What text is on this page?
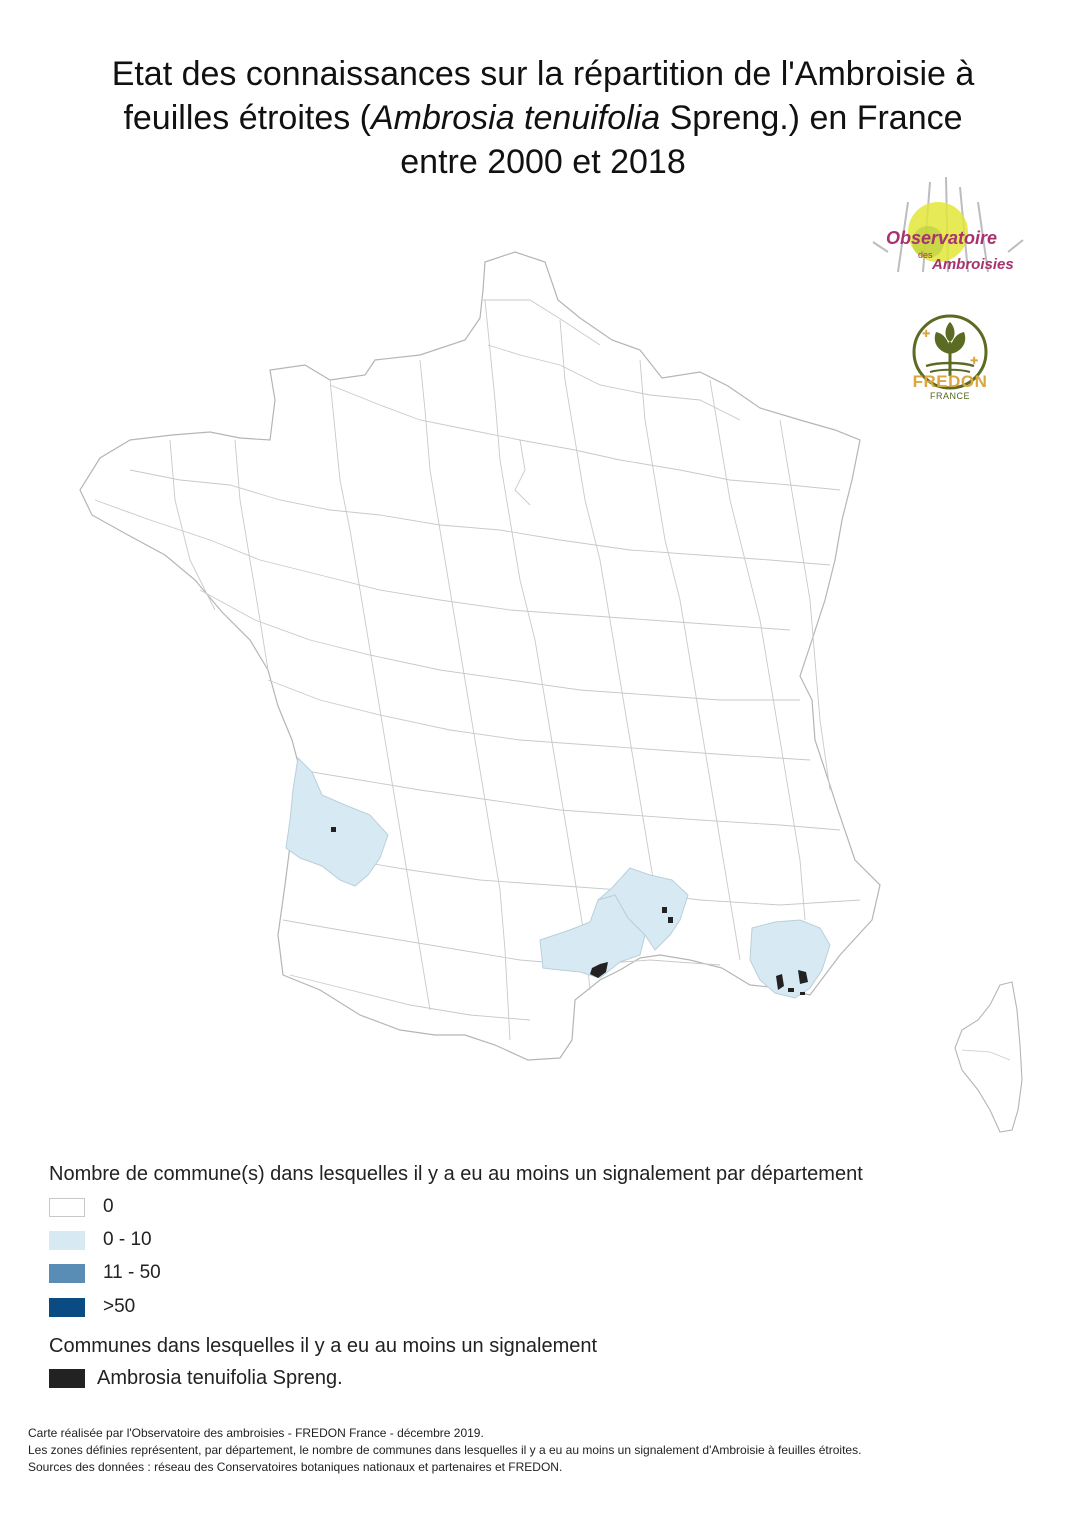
Etat des connaissances sur la répartition de l'Ambroisie à
feuilles étroites (Ambrosia tenuifolia Spreng.) en France
entre 2000 et 2018
Observatoire
des
Ambroisies
✚
✚
FREDON
FRANCE
Nombre de commune(s) dans lesquelles il y a eu au moins un signalement par département
0
0 - 10
11 - 50
>50
Communes dans lesquelles il y a eu au moins un signalement
Ambrosia tenuifolia Spreng.
Carte réalisée par l'Observatoire des ambroisies - FREDON France - décembre 2019.
Les zones définies représentent, par département, le nombre de communes dans lesquelles il y a eu au moins un signalement d'Ambroisie à feuilles étroites.
Sources des données : réseau des Conservatoires botaniques nationaux et partenaires et FREDON.
